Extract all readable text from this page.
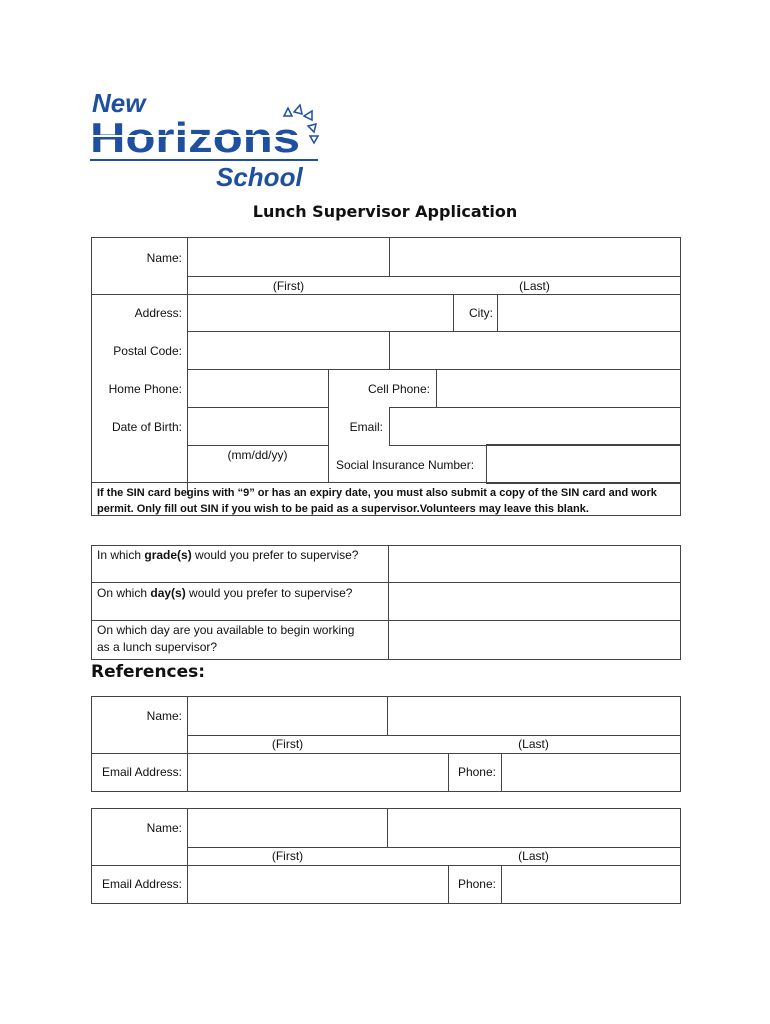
New
Horizons
School
Lunch Supervisor Application
Name:
(First)	(Last)
Address:	City:
Postal Code:
Home Phone:	Cell Phone:
Date of Birth:	Email:
(mm/dd/yy)
Social Insurance Number:
If the SIN card begins with “9” or has an expiry date, you must also submit a copy of the SIN card and work
permit. Only fill out SIN if you wish to be paid as a supervisor.Volunteers may leave this blank.
In which grade(s) would you prefer to supervise?
On which day(s) would you prefer to supervise?
On which day are you available to begin working
as a lunch supervisor?
References:
Name:
(First)	(Last)
Email Address:	Phone:
Name:
(First)	(Last)
Email Address:	Phone:
